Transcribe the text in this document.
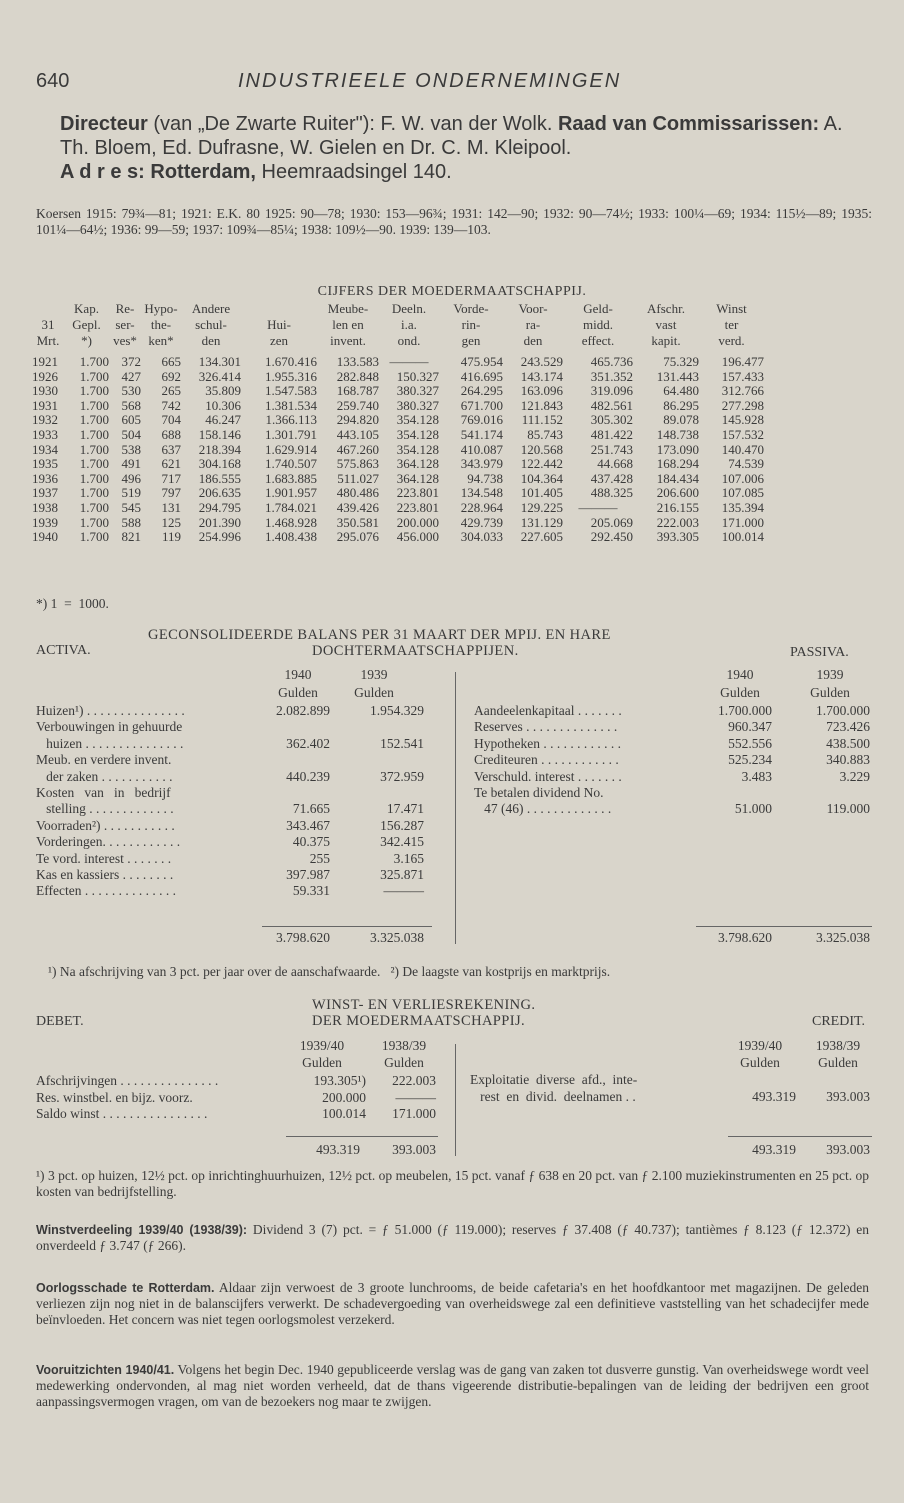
640	INDUSTRIEELE ONDERNEMINGEN
Directeur (van „De Zwarte Ruiter"): F. W. van der Wolk. Raad van Commissarissen: A. Th. Bloem, Ed. Dufrasne, W. Gielen en Dr. C. M. Kleipool.
A d r e s: Rotterdam, Heemraadsingel 140.
Koersen 1915: 79¾—81; 1921: E.K. 80 1925: 90—78; 1930: 153—96¾; 1931: 142—90; 1932: 90—74½; 1933: 100¼—69; 1934: 115½—89; 1935: 101¼—64½; 1936: 99—59; 1937: 109¾—85¼; 1938: 109½—90. 1939: 139—103.
CIJFERS DER MOEDERMAATSCHAPPIJ.
	Kap.	Re-	Hypo-	Andere		Meube-	Deeln.	Vorde-	Voor-	Geld-	Afschr.	Winst
31	Gepl.	ser-	the-	schul-	Hui-	len en	i.a.	rin-	ra-	midd.	vast	ter
Mrt.	*)	ves*	ken*	den	zen	invent.	ond.	gen	den	effect.	kapit.	verd.

1921	1.700	372	665	134.301	1.670.416	133.583	———	475.954	243.529	465.736	75.329	196.477
1926	1.700	427	692	326.414	1.955.316	282.848	150.327	416.695	143.174	351.352	131.443	157.433
1930	1.700	530	265	35.809	1.547.583	168.787	380.327	264.295	163.096	319.096	64.480	312.766
1931	1.700	568	742	10.306	1.381.534	259.740	380.327	671.700	121.843	482.561	86.295	277.298
1932	1.700	605	704	46.247	1.366.113	294.820	354.128	769.016	111.152	305.302	89.078	145.928
1933	1.700	504	688	158.146	1.301.791	443.105	354.128	541.174	85.743	481.422	148.738	157.532
1934	1.700	538	637	218.394	1.629.914	467.260	354.128	410.087	120.568	251.743	173.090	140.470
1935	1.700	491	621	304.168	1.740.507	575.863	364.128	343.979	122.442	44.668	168.294	74.539
1936	1.700	496	717	186.555	1.683.885	511.027	364.128	94.738	104.364	437.428	184.434	107.006
1937	1.700	519	797	206.635	1.901.957	480.486	223.801	134.548	101.405	488.325	206.600	107.085
1938	1.700	545	131	294.795	1.784.021	439.426	223.801	228.964	129.225	———	216.155	135.394
1939	1.700	588	125	201.390	1.468.928	350.581	200.000	429.739	131.129	205.069	222.003	171.000
1940	1.700	821	119	254.996	1.408.438	295.076	456.000	304.033	227.605	292.450	393.305	100.014
*) 1  =  1000.
GECONSOLIDEERDE BALANS PER 31 MAART DER MPIJ. EN HARE
ACTIVA.	DOCHTERMAATSCHAPPIJEN.	PASSIVA.
1940	1939
Gulden	Gulden
1940	1939
Gulden	Gulden
Huizen¹) . . . . . . . . . . . . . . .	2.082.899	1.954.329
Verbouwingen in gehuurde
huizen . . . . . . . . . . . . . . .	362.402	152.541
Meub. en verdere invent.
der zaken . . . . . . . . . . .	440.239	372.959
Kosten   van   in   bedrijf
stelling . . . . . . . . . . . . .	71.665	17.471
Voorraden²) . . . . . . . . . . .	343.467	156.287
Vorderingen. . . . . . . . . . . .	40.375	342.415
Te vord. interest . . . . . . .	255	3.165
Kas en kassiers . . . . . . . .	397.987	325.871
Effecten . . . . . . . . . . . . . .	59.331	———
Aandeelenkapitaal . . . . . . .	1.700.000	1.700.000
Reserves . . . . . . . . . . . . . .	960.347	723.426
Hypotheken . . . . . . . . . . . .	552.556	438.500
Crediteuren . . . . . . . . . . . .	525.234	340.883
Verschuld. interest . . . . . . .	3.483	3.229
Te betalen dividend No.
47 (46) . . . . . . . . . . . . .	51.000	119.000
3.798.620	3.325.038	3.798.620	3.325.038
¹) Na afschrijving van 3 pct. per jaar over de aanschafwaarde.   ²) De laagste van kostprijs en marktprijs.
WINST- EN VERLIESREKENING.
DEBET.	DER MOEDERMAATSCHAPPIJ.	CREDIT.
1939/40	1938/39
Gulden	Gulden
1939/40	1938/39
Gulden	Gulden
Afschrijvingen . . . . . . . . . . . . . . .	193.305¹)	222.003
Res. winstbel. en bijz. voorz.	200.000	———
Saldo winst . . . . . . . . . . . . . . . .	100.014	171.000
Exploitatie  diverse  afd.,  inte-
rest  en  divid.  deelnamen . .	493.319	393.003
493.319	393.003	493.319	393.003
¹) 3 pct. op huizen, 12½ pct. op inrichtinghuurhuizen, 12½ pct. op meubelen, 15 pct. vanaf ƒ 638 en 20 pct. van ƒ 2.100 muziekinstrumenten en 25 pct. op kosten van bedrijfstelling.
Winstverdeeling 1939/40 (1938/39): Dividend 3 (7) pct. = ƒ 51.000 (ƒ 119.000); reserves ƒ 37.408 (ƒ 40.737); tantièmes ƒ 8.123 (ƒ 12.372) en onverdeeld ƒ 3.747 (ƒ 266).
Oorlogsschade te Rotterdam. Aldaar zijn verwoest de 3 groote lunchrooms, de beide cafetaria's en het hoofdkantoor met magazijnen. De geleden verliezen zijn nog niet in de balanscijfers verwerkt. De schadevergoeding van overheidswege zal een definitieve vaststelling van het schadecijfer mede beïnvloeden. Het concern was niet tegen oorlogsmolest verzekerd.
Vooruitzichten 1940/41. Volgens het begin Dec. 1940 gepubliceerde verslag was de gang van zaken tot dusverre gunstig. Van overheidswege wordt veel medewerking ondervonden, al mag niet worden verheeld, dat de thans vigeerende distributie-bepalingen van de leiding der bedrijven een groot aanpassingsvermogen vragen, om van de bezoekers nog maar te zwijgen.
